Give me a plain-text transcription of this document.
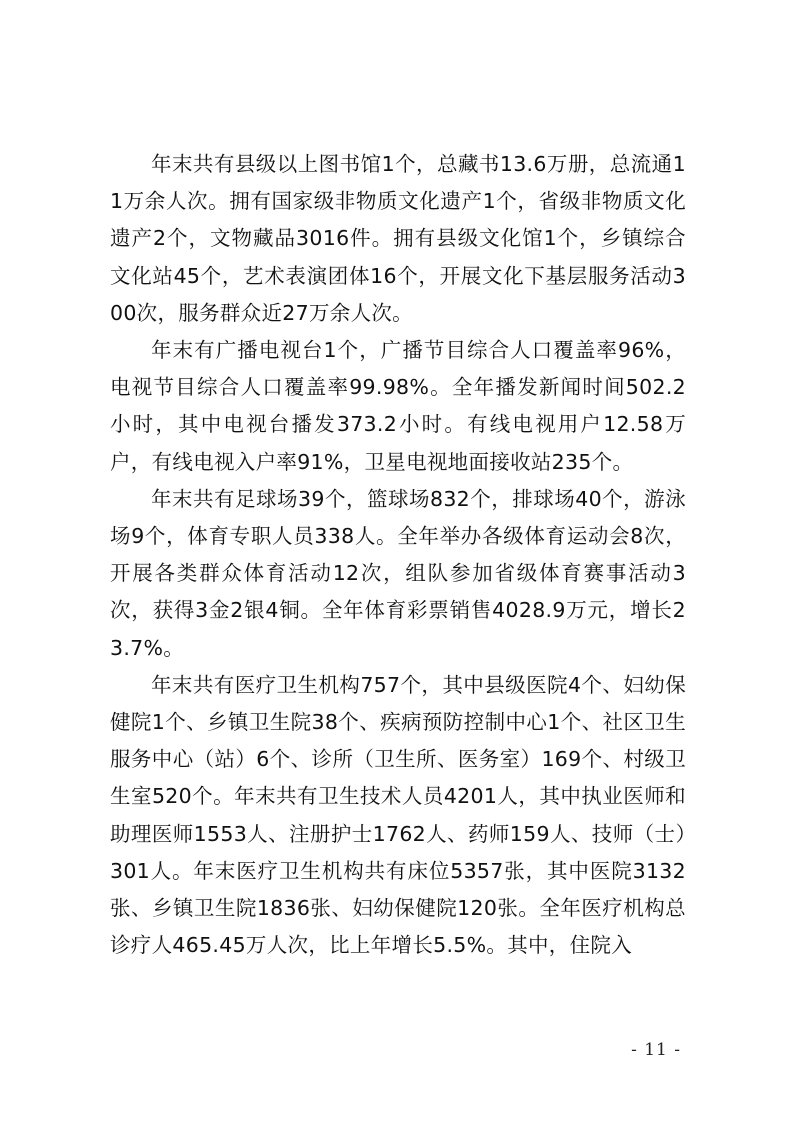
年末共有县级以上图书馆1个，总藏书13.6万册，总流通11万余人次。拥有国家级非物质文化遗产1个，省级非物质文化遗产2个，文物藏品3016件。拥有县级文化馆1个，乡镇综合文化站45个，艺术表演团体16个，开展文化下基层服务活动300次，服务群众近27万余人次。

年末有广播电视台1个，广播节目综合人口覆盖率96%，电视节目综合人口覆盖率99.98%。全年播发新闻时间502.2小时，其中电视台播发373.2小时。有线电视用户12.58万户，有线电视入户率91%，卫星电视地面接收站235个。

年末共有足球场39个，篮球场832个，排球场40个，游泳场9个，体育专职人员338人。全年举办各级体育运动会8次，开展各类群众体育活动12次，组队参加省级体育赛事活动3次，获得3金2银4铜。全年体育彩票销售4028.9万元，增长23.7%。

年末共有医疗卫生机构757个，其中县级医院4个、妇幼保健院1个、乡镇卫生院38个、疾病预防控制中心1个、社区卫生服务中心（站）6个、诊所（卫生所、医务室）169个、村级卫生室520个。年末共有卫生技术人员4201人，其中执业医师和助理医师1553人、注册护士1762人、药师159人、技师（士）301人。年末医疗卫生机构共有床位5357张，其中医院3132张、乡镇卫生院1836张、妇幼保健院120张。全年医疗机构总诊疗人465.45万人次，比上年增长5.5%。其中，住院入

- 11 -
